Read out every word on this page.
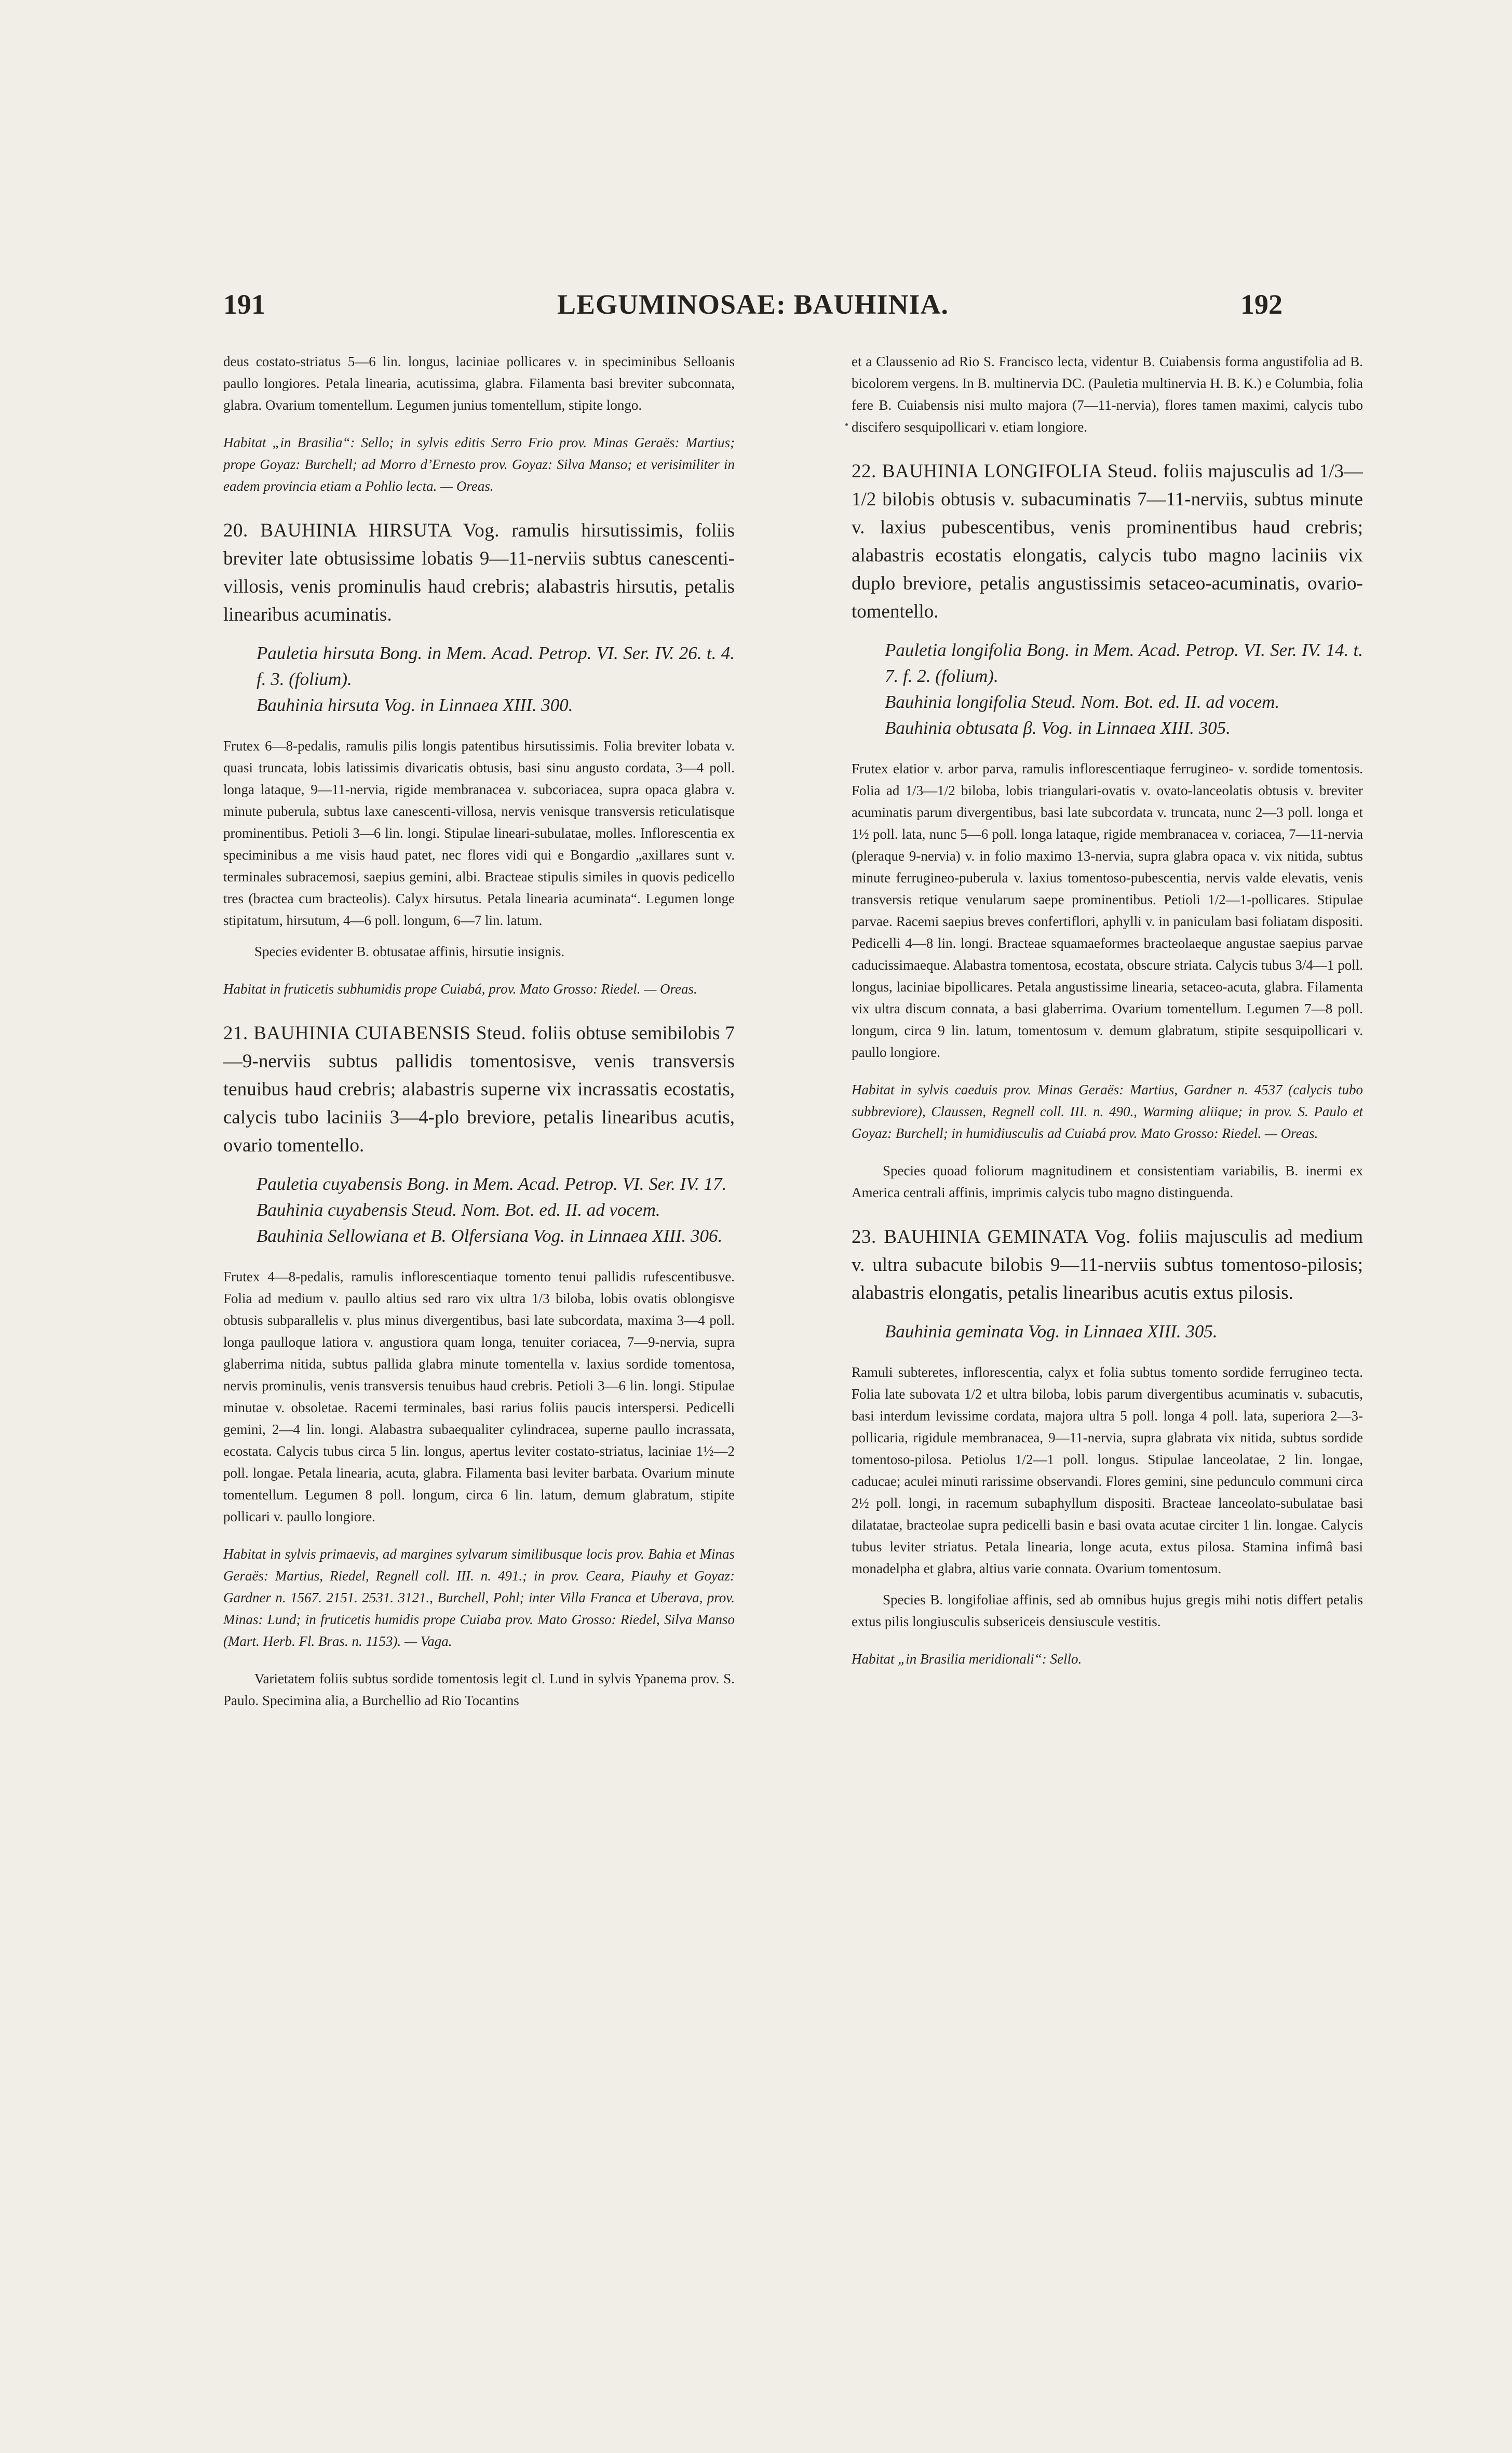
191	LEGUMINOSAE: BAUHINIA.	192

deus costato-striatus 5—6 lin. longus, laciniae pollicares v. in speciminibus Selloanis paullo longiores. Petala linearia, acutissima, glabra. Filamenta basi breviter subconnata, glabra. Ovarium tomentellum. Legumen junius tomentellum, stipite longo.

Habitat „in Brasilia“: Sello; in sylvis editis Serro Frio prov. Minas Geraës: Martius; prope Goyaz: Burchell; ad Morro d’Ernesto prov. Goyaz: Silva Manso; et verisimiliter in eadem provincia etiam a Pohlio lecta. — Oreas.

20. BAUHINIA HIRSUTA Vog. ramulis hirsutissimis, foliis breviter late obtusissime lobatis 9—11-nerviis subtus canescenti-villosis, venis prominulis haud crebris; alabastris hirsutis, petalis linearibus acuminatis.

Pauletia hirsuta Bong. in Mem. Acad. Petrop. VI. Ser. IV. 26. t. 4. f. 3. (folium).

Bauhinia hirsuta Vog. in Linnaea XIII. 300.

Frutex 6—8-pedalis, ramulis pilis longis patentibus hirsutissimis. Folia breviter lobata v. quasi truncata, lobis latissimis divaricatis obtusis, basi sinu angusto cordata, 3—4 poll. longa lataque, 9—11-nervia, rigide membranacea v. subcoriacea, supra opaca glabra v. minute puberula, subtus laxe canescenti-villosa, nervis venisque transversis reticulatisque prominentibus. Petioli 3—6 lin. longi. Stipulae lineari-subulatae, molles. Inflorescentia ex speciminibus a me visis haud patet, nec flores vidi qui e Bongardio „axillares sunt v. terminales subracemosi, saepius gemini, albi. Bracteae stipulis similes in quovis pedicello tres (bractea cum bracteolis). Calyx hirsutus. Petala linearia acuminata“. Legumen longe stipitatum, hirsutum, 4—6 poll. longum, 6—7 lin. latum.

Species evidenter B. obtusatae affinis, hirsutie insignis.

Habitat in fruticetis subhumidis prope Cuiabá, prov. Mato Grosso: Riedel. — Oreas.

21. BAUHINIA CUIABENSIS Steud. foliis obtuse semibilobis 7—9-nerviis subtus pallidis tomentosisve, venis transversis tenuibus haud crebris; alabastris superne vix incrassatis ecostatis, calycis tubo laciniis 3—4-plo breviore, petalis linearibus acutis, ovario tomentello.

Pauletia cuyabensis Bong. in Mem. Acad. Petrop. VI. Ser. IV. 17.

Bauhinia cuyabensis Steud. Nom. Bot. ed. II. ad vocem.

Bauhinia Sellowiana et B. Olfersiana Vog. in Linnaea XIII. 306.

Frutex 4—8-pedalis, ramulis inflorescentiaque tomento tenui pallidis rufescentibusve. Folia ad medium v. paullo altius sed raro vix ultra 1/3 biloba, lobis ovatis oblongisve obtusis subparallelis v. plus minus divergentibus, basi late subcordata, maxima 3—4 poll. longa paulloque latiora v. angustiora quam longa, tenuiter coriacea, 7—9-nervia, supra glaberrima nitida, subtus pallida glabra minute tomentella v. laxius sordide tomentosa, nervis prominulis, venis transversis tenuibus haud crebris. Petioli 3—6 lin. longi. Stipulae minutae v. obsoletae. Racemi terminales, basi rarius foliis paucis interspersi. Pedicelli gemini, 2—4 lin. longi. Alabastra subaequaliter cylindracea, superne paullo incrassata, ecostata. Calycis tubus circa 5 lin. longus, apertus leviter costato-striatus, laciniae 1½—2 poll. longae. Petala linearia, acuta, glabra. Filamenta basi leviter barbata. Ovarium minute tomentellum. Legumen 8 poll. longum, circa 6 lin. latum, demum glabratum, stipite pollicari v. paullo longiore.

Habitat in sylvis primaevis, ad margines sylvarum similibusque locis prov. Bahia et Minas Geraës: Martius, Riedel, Regnell coll. III. n. 491.; in prov. Ceara, Piauhy et Goyaz: Gardner n. 1567. 2151. 2531. 3121., Burchell, Pohl; inter Villa Franca et Uberava, prov. Minas: Lund; in fruticetis humidis prope Cuiaba prov. Mato Grosso: Riedel, Silva Manso (Mart. Herb. Fl. Bras. n. 1153). — Vaga.

Varietatem foliis subtus sordide tomentosis legit cl. Lund in sylvis Ypanema prov. S. Paulo. Specimina alia, a Burchellio ad Rio Tocantins

et a Claussenio ad Rio S. Francisco lecta, videntur B. Cuiabensis forma angustifolia ad B. bicolorem vergens. In B. multinervia DC. (Pauletia multinervia H. B. K.) e Columbia, folia fere B. Cuiabensis nisi multo majora (7—11-nervia), flores tamen maximi, calycis tubo discifero sesquipollicari v. etiam longiore.

22. BAUHINIA LONGIFOLIA Steud. foliis majusculis ad 1/3—1/2 bilobis obtusis v. subacuminatis 7—11-nerviis, subtus minute v. laxius pubescentibus, venis prominentibus haud crebris; alabastris ecostatis elongatis, calycis tubo magno laciniis vix duplo breviore, petalis angustissimis setaceo-acuminatis, ovario-tomentello.

Pauletia longifolia Bong. in Mem. Acad. Petrop. VI. Ser. IV. 14. t. 7. f. 2. (folium).

Bauhinia longifolia Steud. Nom. Bot. ed. II. ad vocem.

Bauhinia obtusata β. Vog. in Linnaea XIII. 305.

Frutex elatior v. arbor parva, ramulis inflorescentiaque ferrugineo- v. sordide tomentosis. Folia ad 1/3—1/2 biloba, lobis triangulari-ovatis v. ovato-lanceolatis obtusis v. breviter acuminatis parum divergentibus, basi late subcordata v. truncata, nunc 2—3 poll. longa et 1½ poll. lata, nunc 5—6 poll. longa lataque, rigide membranacea v. coriacea, 7—11-nervia (pleraque 9-nervia) v. in folio maximo 13-nervia, supra glabra opaca v. vix nitida, subtus minute ferrugineo-puberula v. laxius tomentoso-pubescentia, nervis valde elevatis, venis transversis retique venularum saepe prominentibus. Petioli 1/2—1-pollicares. Stipulae parvae. Racemi saepius breves confertiflori, aphylli v. in paniculam basi foliatam dispositi. Pedicelli 4—8 lin. longi. Bracteae squamaeformes bracteolaeque angustae saepius parvae caducissimaeque. Alabastra tomentosa, ecostata, obscure striata. Calycis tubus 3/4—1 poll. longus, laciniae bipollicares. Petala angustissime linearia, setaceo-acuta, glabra. Filamenta vix ultra discum connata, a basi glaberrima. Ovarium tomentellum. Legumen 7—8 poll. longum, circa 9 lin. latum, tomentosum v. demum glabratum, stipite sesquipollicari v. paullo longiore.

Habitat in sylvis caeduis prov. Minas Geraës: Martius, Gardner n. 4537 (calycis tubo subbreviore), Claussen, Regnell coll. III. n. 490., Warming aliique; in prov. S. Paulo et Goyaz: Burchell; in humidiusculis ad Cuiabá prov. Mato Grosso: Riedel. — Oreas.

Species quoad foliorum magnitudinem et consistentiam variabilis, B. inermi ex America centrali affinis, imprimis calycis tubo magno distinguenda.

23. BAUHINIA GEMINATA Vog. foliis majusculis ad medium v. ultra subacute bilobis 9—11-nerviis subtus tomentoso-pilosis; alabastris elongatis, petalis linearibus acutis extus pilosis.

Bauhinia geminata Vog. in Linnaea XIII. 305.

Ramuli subteretes, inflorescentia, calyx et folia subtus tomento sordide ferrugineo tecta. Folia late subovata 1/2 et ultra biloba, lobis parum divergentibus acuminatis v. subacutis, basi interdum levissime cordata, majora ultra 5 poll. longa 4 poll. lata, superiora 2—3-pollicaria, rigidule membranacea, 9—11-nervia, supra glabrata vix nitida, subtus sordide tomentoso-pilosa. Petiolus 1/2—1 poll. longus. Stipulae lanceolatae, 2 lin. longae, caducae; aculei minuti rarissime observandi. Flores gemini, sine pedunculo communi circa 2½ poll. longi, in racemum subaphyllum dispositi. Bracteae lanceolato-subulatae basi dilatatae, bracteolae supra pedicelli basin e basi ovata acutae circiter 1 lin. longae. Calycis tubus leviter striatus. Petala linearia, longe acuta, extus pilosa. Stamina infimâ basi monadelpha et glabra, altius varie connata. Ovarium tomentosum.

Species B. longifoliae affinis, sed ab omnibus hujus gregis mihi notis differt petalis extus pilis longiusculis subsericeis densiuscule vestitis.

Habitat „in Brasilia meridionali“: Sello.
